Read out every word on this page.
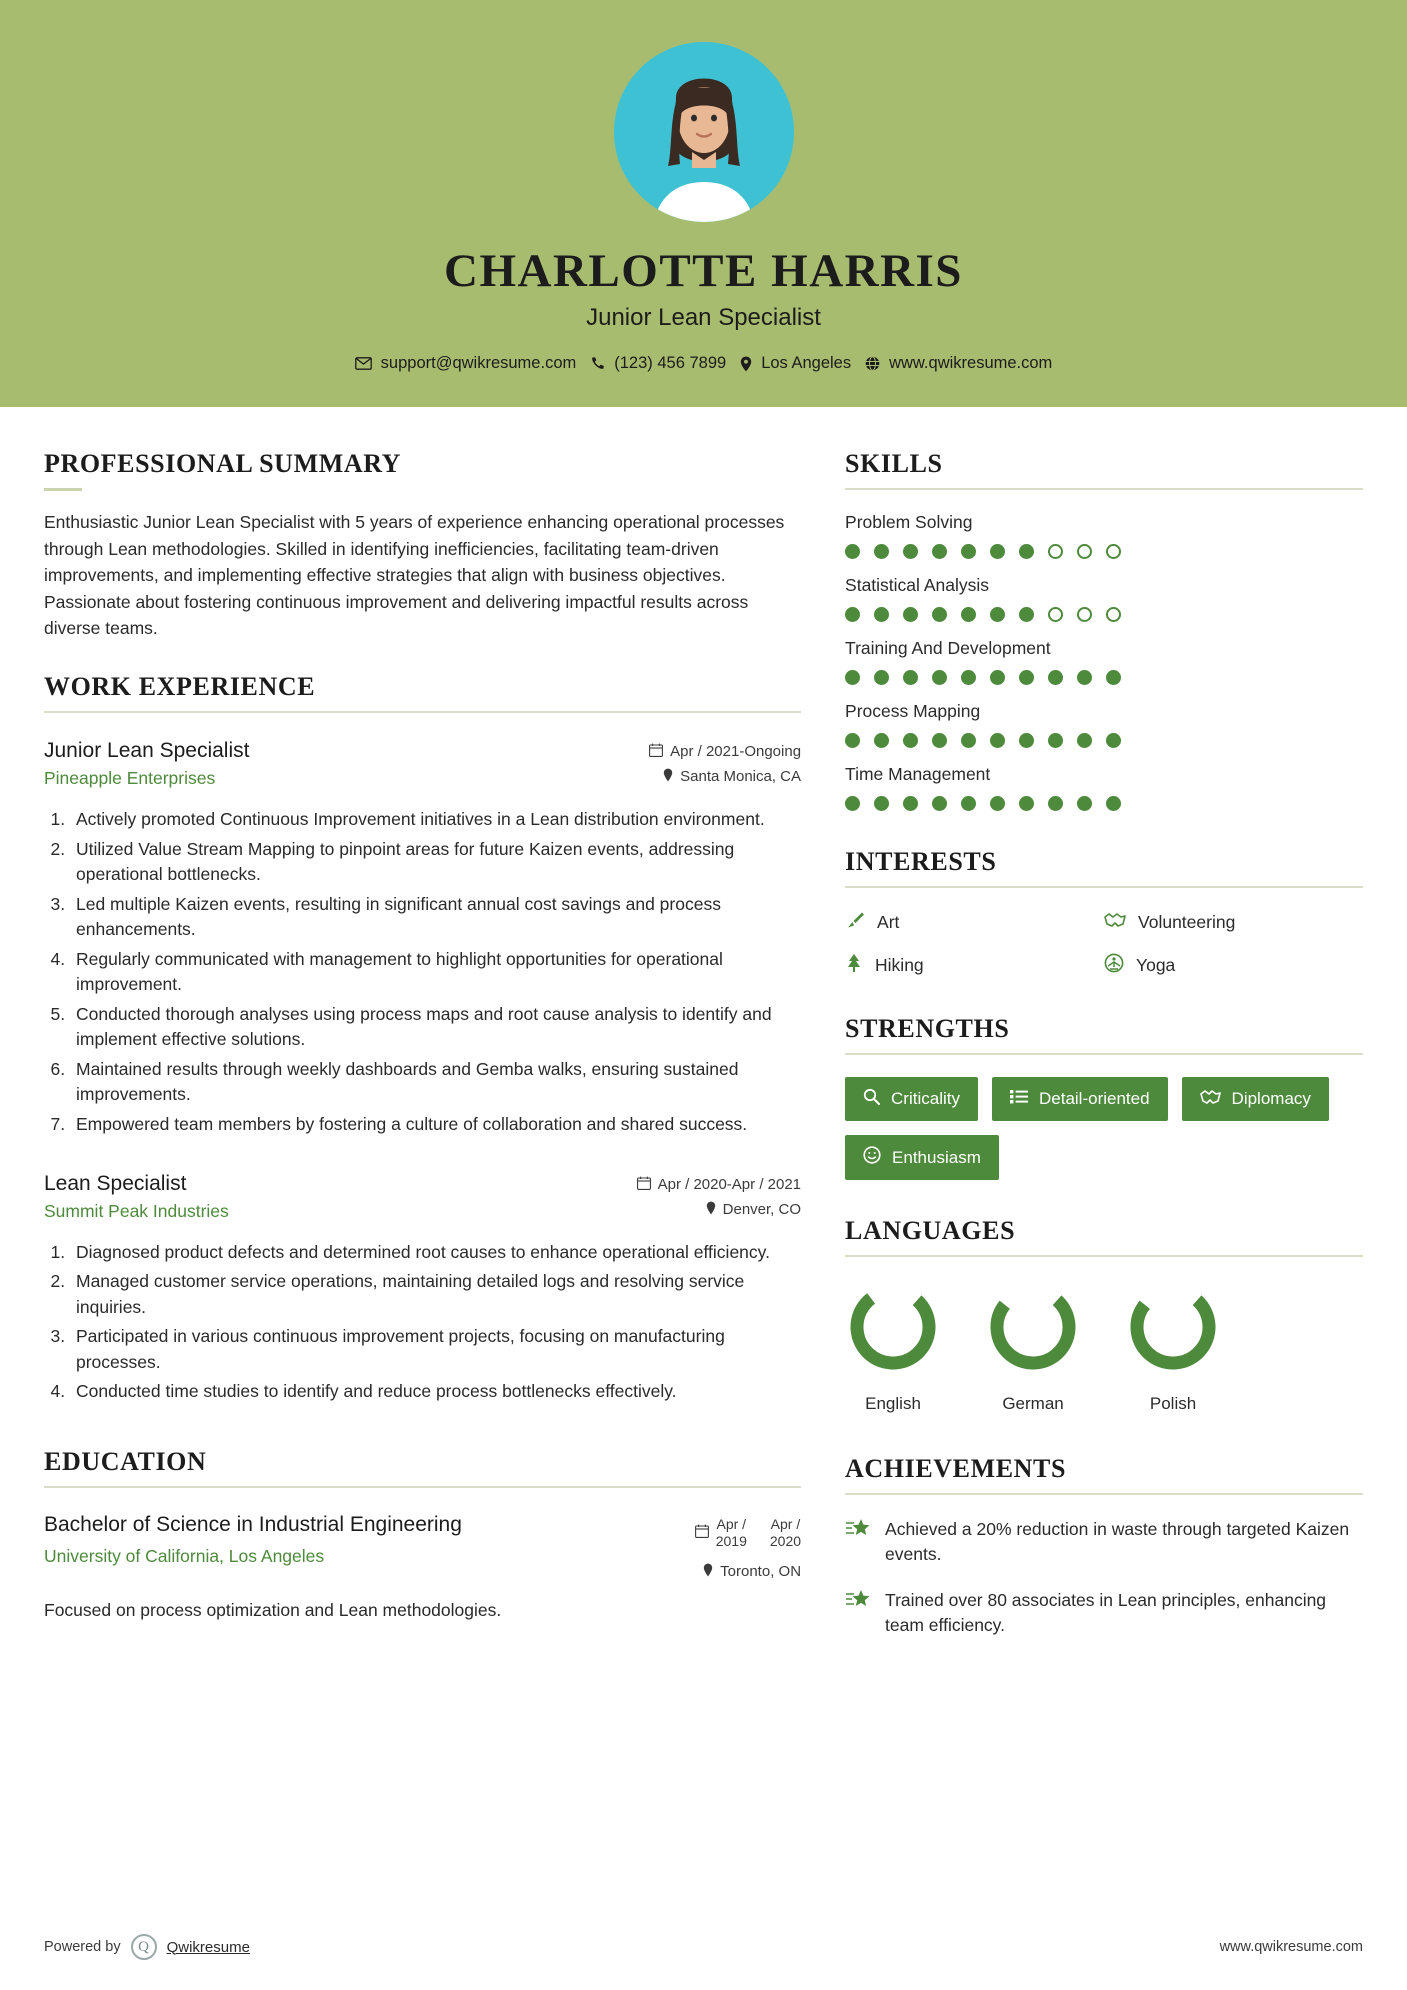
CHARLOTTE HARRIS
Junior Lean Specialist
support@qwikresume.com (123) 456 7899 Los Angeles www.qwikresume.com
PROFESSIONAL SUMMARY

Enthusiastic Junior Lean Specialist with 5 years of experience enhancing operational processes through Lean methodologies. Skilled in identifying inefficiencies, facilitating team-driven improvements, and implementing effective strategies that align with business objectives. Passionate about fostering continuous improvement and delivering impactful results across diverse teams.

WORK EXPERIENCE
Junior Lean Specialist
Pineapple Enterprises
Apr / 2021-Ongoing
Santa Monica, CA
1. Actively promoted Continuous Improvement initiatives in a Lean distribution environment.
2. Utilized Value Stream Mapping to pinpoint areas for future Kaizen events, addressing operational bottlenecks.
3. Led multiple Kaizen events, resulting in significant annual cost savings and process enhancements.
4. Regularly communicated with management to highlight opportunities for operational improvement.
5. Conducted thorough analyses using process maps and root cause analysis to identify and implement effective solutions.
6. Maintained results through weekly dashboards and Gemba walks, ensuring sustained improvements.
7. Empowered team members by fostering a culture of collaboration and shared success.
Lean Specialist
Summit Peak Industries
Apr / 2020-Apr / 2021
Denver, CO
1. Diagnosed product defects and determined root causes to enhance operational efficiency.
2. Managed customer service operations, maintaining detailed logs and resolving service inquiries.
3. Participated in various continuous improvement projects, focusing on manufacturing processes.
4. Conducted time studies to identify and reduce process bottlenecks effectively.
EDUCATION
Bachelor of Science in Industrial Engineering
University of California, Los Angeles
Apr /
2019
Apr /
2020
Toronto, ON
Focused on process optimization and Lean methodologies.
SKILLS
Problem Solving
Statistical Analysis
Training And Development
Process Mapping
Time Management
INTERESTS
Art	Volunteering
Hiking	Yoga
STRENGTHS
Criticality	Detail-oriented	Diplomacy
Enthusiasm
LANGUAGES
English	German	Polish
ACHIEVEMENTS
Achieved a 20% reduction in waste through targeted Kaizen events.
Trained over 80 associates in Lean principles, enhancing team efficiency.
Powered by	Q	Qwikresume	www.qwikresume.com
